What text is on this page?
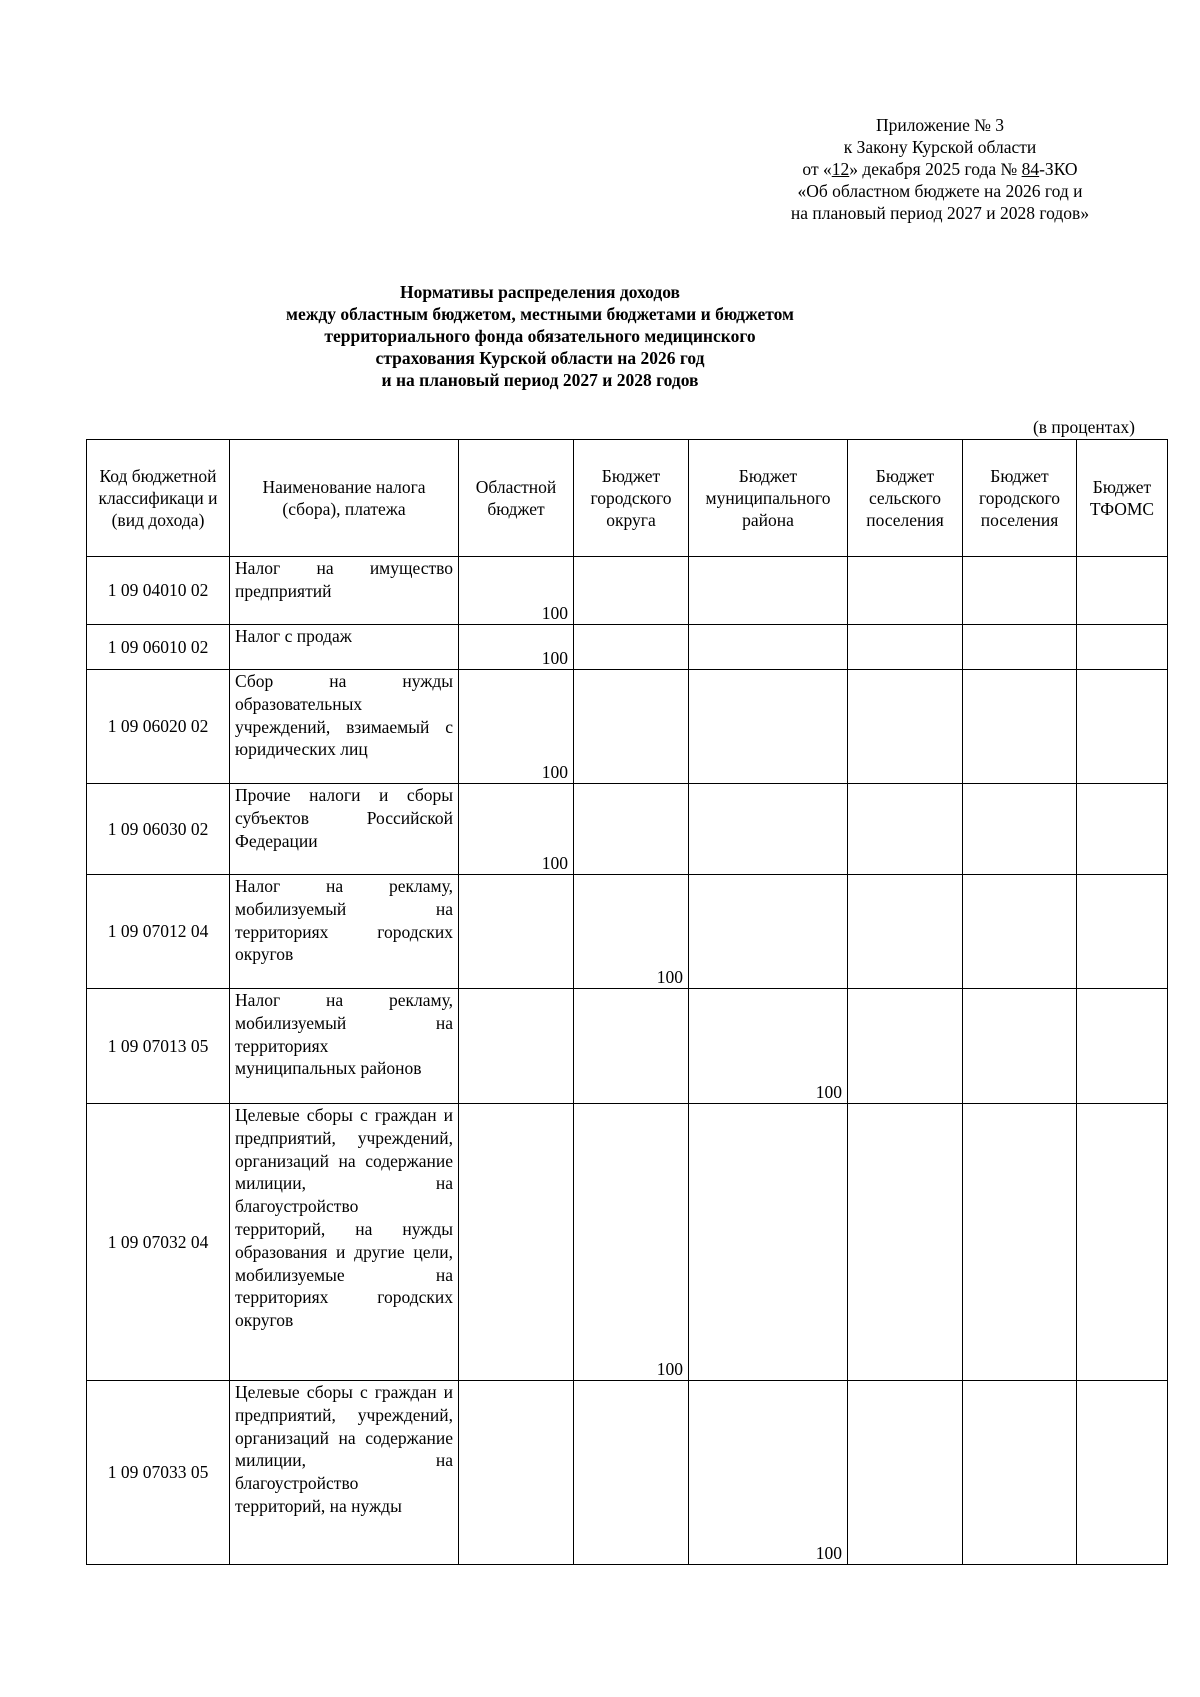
Приложение № 3
к Закону Курской области
от «12» декабря 2025 года № 84-ЗКО
«Об областном бюджете на 2026 год и
на плановый период 2027 и 2028 годов»
Нормативы распределения доходов
между областным бюджетом, местными бюджетами и бюджетом
территориального фонда обязательного медицинского
страхования Курской области на 2026 год
и на плановый период 2027 и 2028 годов
(в процентах)
Код бюджетной классификаци и (вид дохода)	Наименование налога (сбора), платежа	Областной бюджет	Бюджет городского округа	Бюджет муниципального района	Бюджет сельского поселения	Бюджет городского поселения	Бюджет ТФОМС
1 09 04010 02	Налог на имущество предприятий	100					
1 09 06010 02	Налог с продаж	100					
1 09 06020 02	Сбор на нужды образовательных учреждений, взимаемый с юридических лиц	100					
1 09 06030 02	Прочие налоги и сборы субъектов Российской Федерации	100					
1 09 07012 04	Налог на рекламу, мобилизуемый на территориях городских округов		100				
1 09 07013 05	Налог на рекламу, мобилизуемый на территориях муниципальных районов			100			
1 09 07032 04	Целевые сборы с граждан и предприятий, учреждений, организаций на содержание милиции, на благоустройство территорий, на нужды образования и другие цели, мобилизуемые на территориях городских округов		100				
1 09 07033 05	Целевые сборы с граждан и предприятий, учреждений, организаций на содержание милиции, на благоустройство территорий, на нужды			100			
